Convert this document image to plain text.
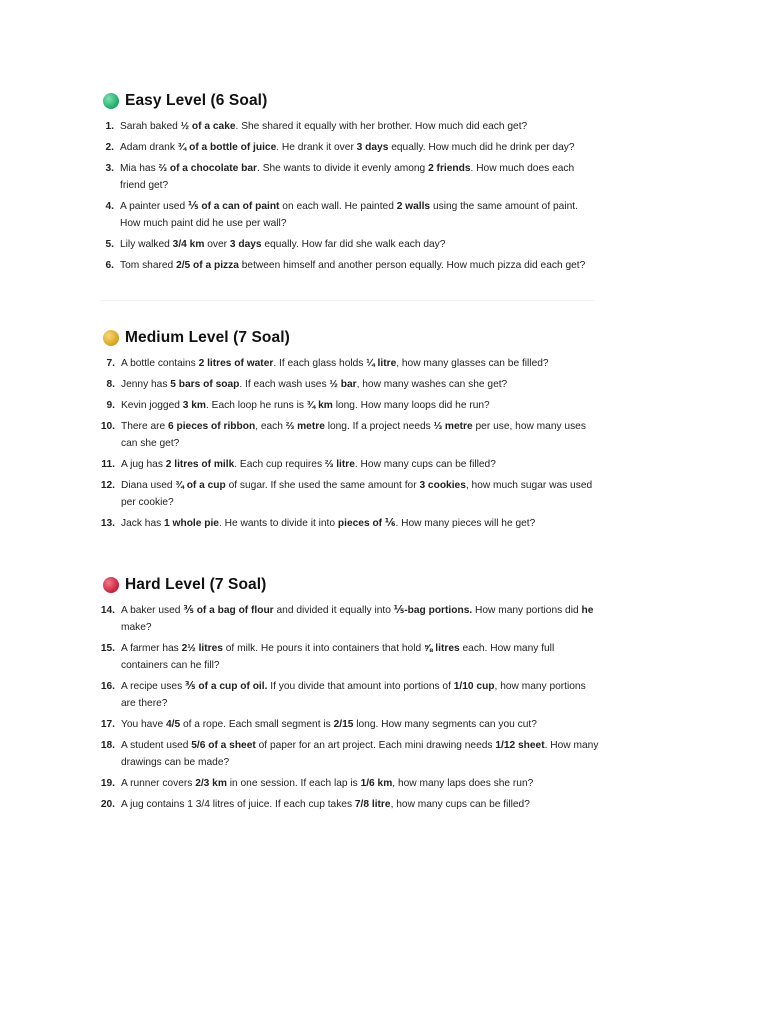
Easy Level (6 Soal)
1. Sarah baked ½ of a cake. She shared it equally with her brother. How much did each get?
2. Adam drank ¾ of a bottle of juice. He drank it over 3 days equally. How much did he drink per day?
3. Mia has ⅔ of a chocolate bar. She wants to divide it evenly among 2 friends. How much does each friend get?
4. A painter used ⅕ of a can of paint on each wall. He painted 2 walls using the same amount of paint. How much paint did he use per wall?
5. Lily walked 3/4 km over 3 days equally. How far did she walk each day?
6. Tom shared 2/5 of a pizza between himself and another person equally. How much pizza did each get?
Medium Level (7 Soal)
7. A bottle contains 2 litres of water. If each glass holds ¼ litre, how many glasses can be filled?
8. Jenny has 5 bars of soap. If each wash uses ½ bar, how many washes can she get?
9. Kevin jogged 3 km. Each loop he runs is ¾ km long. How many loops did he run?
10. There are 6 pieces of ribbon, each ⅔ metre long. If a project needs ⅓ metre per use, how many uses can she get?
11. A jug has 2 litres of milk. Each cup requires ⅔ litre. How many cups can be filled?
12. Diana used ¾ of a cup of sugar. If she used the same amount for 3 cookies, how much sugar was used per cookie?
13. Jack has 1 whole pie. He wants to divide it into pieces of ⅙. How many pieces will he get?
Hard Level (7 Soal)
14. A baker used ⅗ of a bag of flour and divided it equally into ⅕-bag portions. How many portions did he make?
15. A farmer has 2½ litres of milk. He pours it into containers that hold ⅝ litres each. How many full containers can he fill?
16. A recipe uses ⅗ of a cup of oil. If you divide that amount into portions of 1/10 cup, how many portions are there?
17. You have 4/5 of a rope. Each small segment is 2/15 long. How many segments can you cut?
18. A student used 5/6 of a sheet of paper for an art project. Each mini drawing needs 1/12 sheet. How many drawings can be made?
19. A runner covers 2/3 km in one session. If each lap is 1/6 km, how many laps does she run?
20. A jug contains 1 3/4 litres of juice. If each cup takes 7/8 litre, how many cups can be filled?
